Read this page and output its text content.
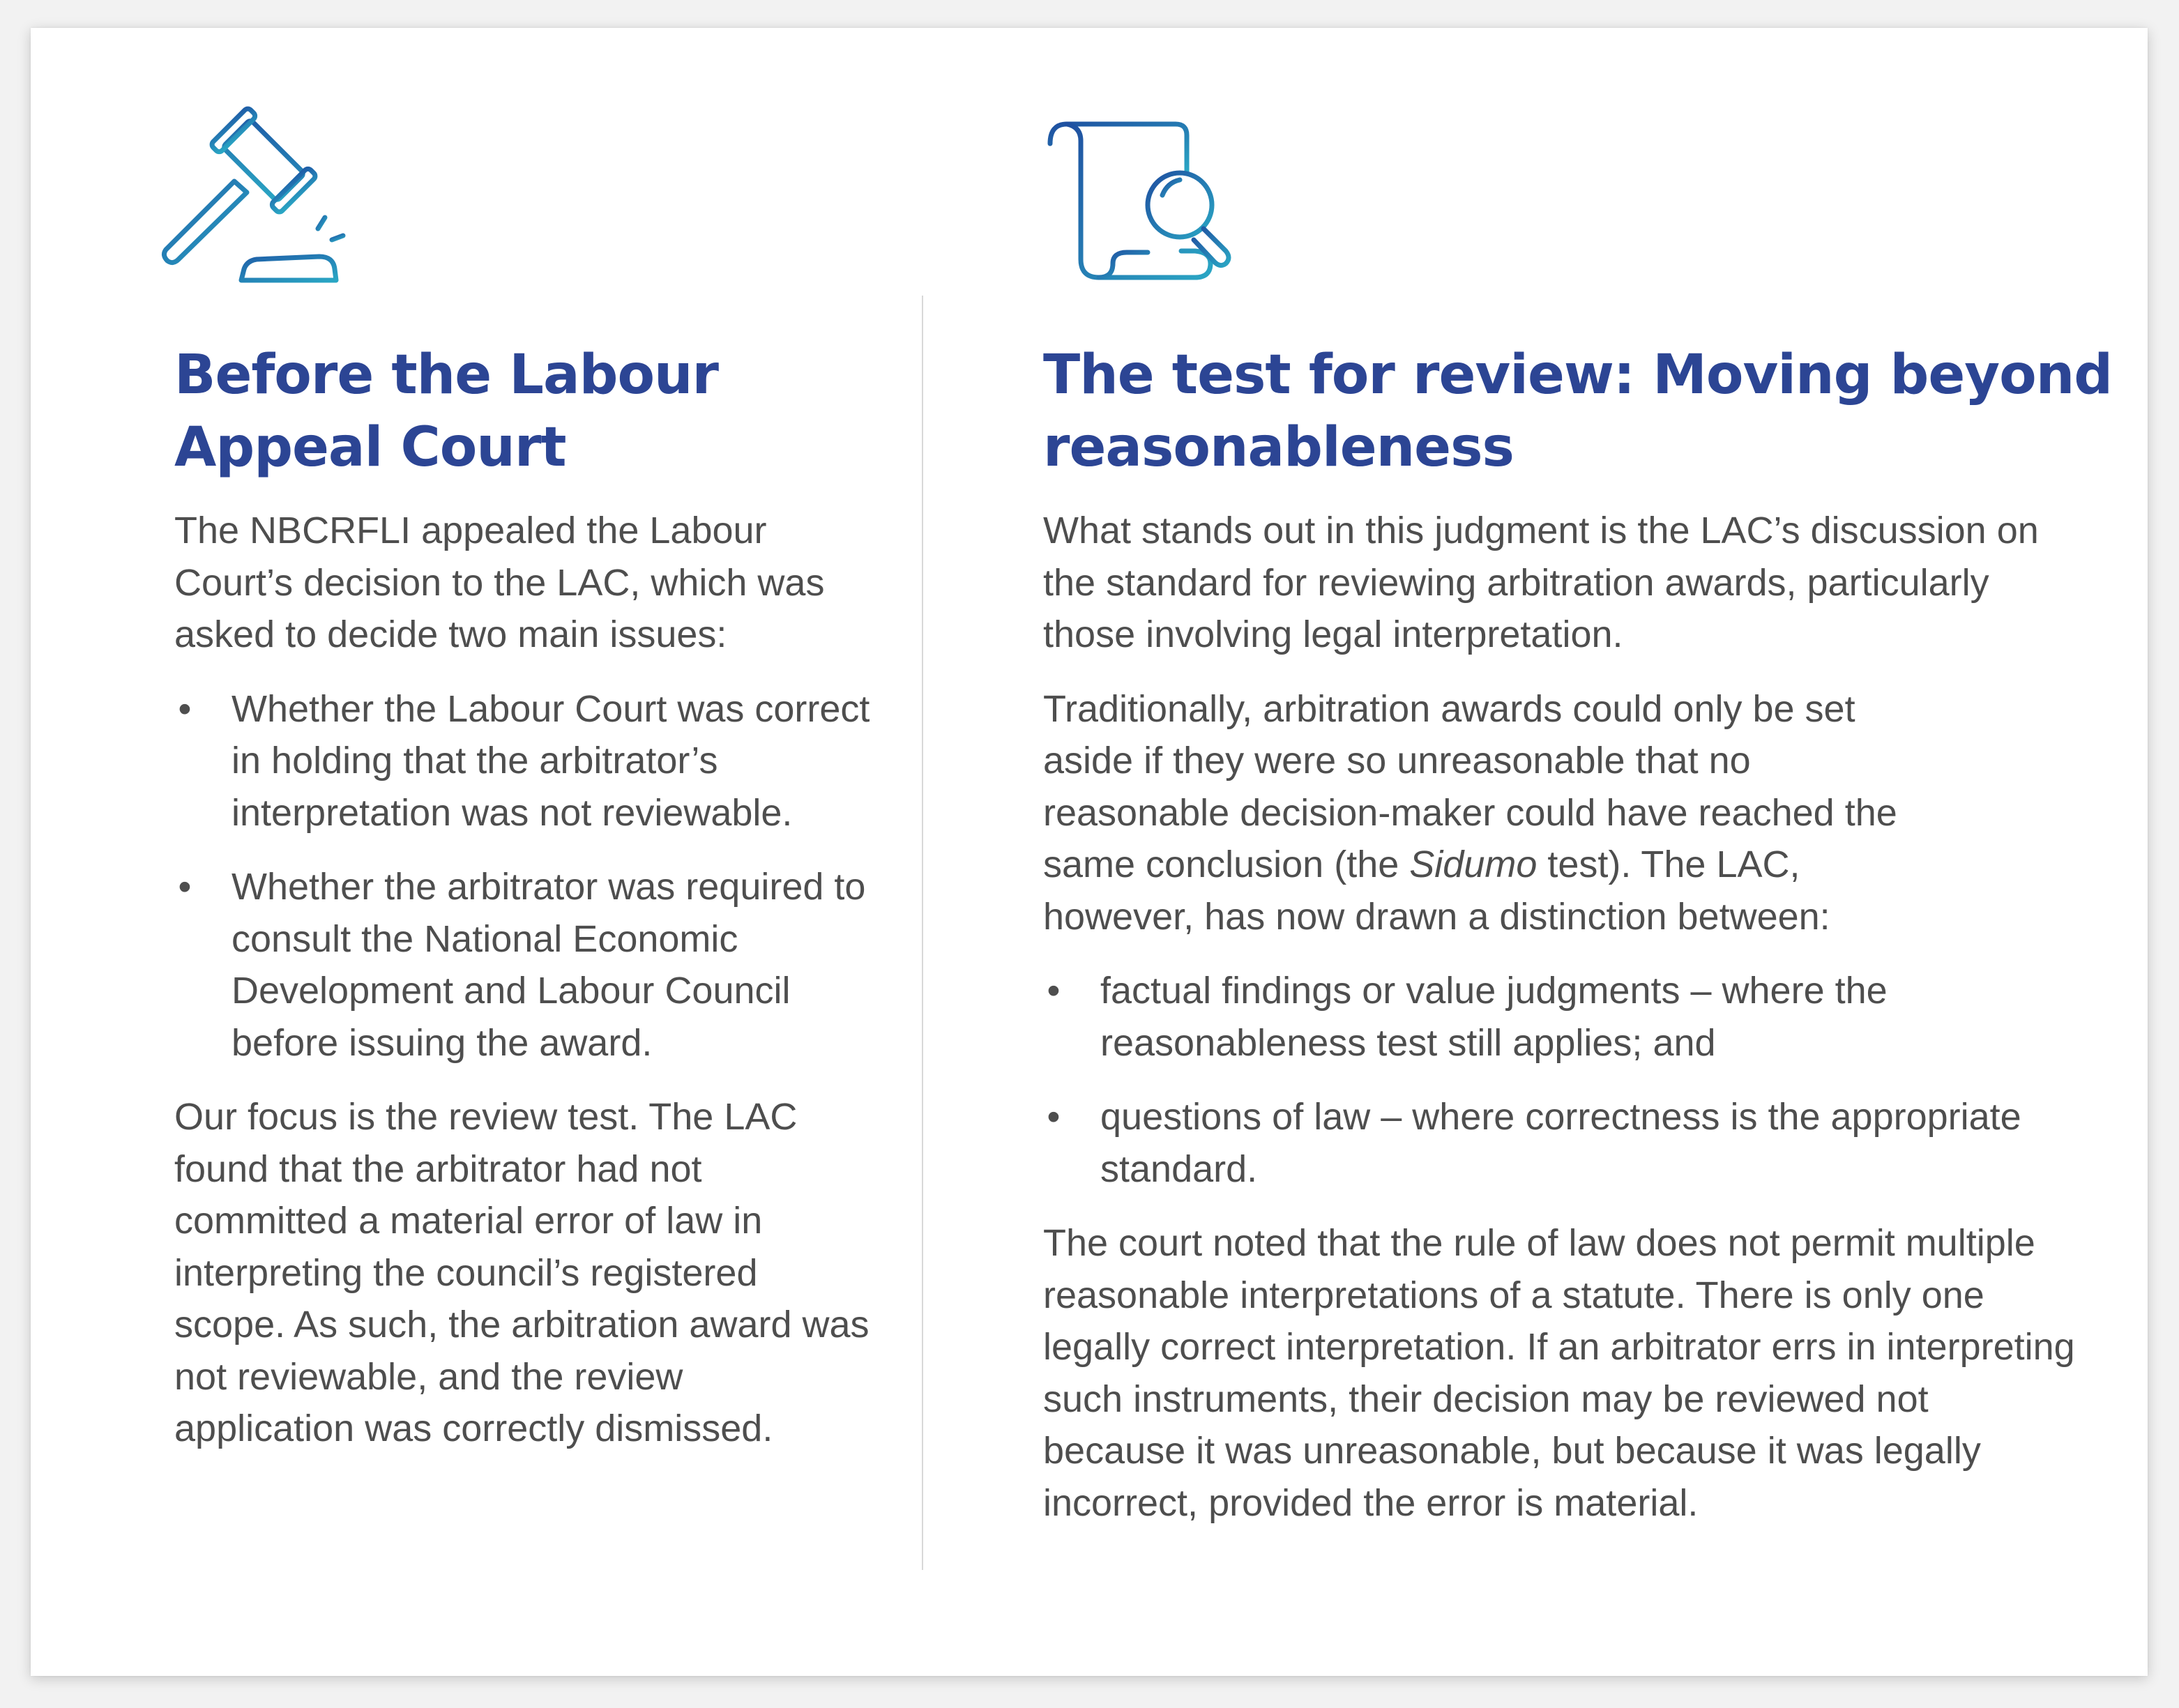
Before the Labour
Appeal Court

The NBCRFLI appealed the Labour Court’s decision to the LAC, which was asked to decide two main issues:

• Whether the Labour Court was correct in holding that the arbitrator’s interpretation was not reviewable.
• Whether the arbitrator was required to consult the National Economic Development and Labour Council before issuing the award.

Our focus is the review test. The LAC found that the arbitrator had not committed a material error of law in interpreting the council’s registered scope. As such, the arbitration award was not reviewable, and the review application was correctly dismissed.

The test for review: Moving beyond
reasonableness

What stands out in this judgment is the LAC’s discussion on the standard for reviewing arbitration awards, particularly those involving legal interpretation.

Traditionally, arbitration awards could only be set aside if they were so unreasonable that no reasonable decision-maker could have reached the same conclusion (the Sidumo test). The LAC, however, has now drawn a distinction between:

• factual findings or value judgments – where the reasonableness test still applies; and
• questions of law – where correctness is the appropriate standard.

The court noted that the rule of law does not permit multiple reasonable interpretations of a statute. There is only one legally correct interpretation. If an arbitrator errs in interpreting such instruments, their decision may be reviewed not because it was unreasonable, but because it was legally incorrect, provided the error is material.
